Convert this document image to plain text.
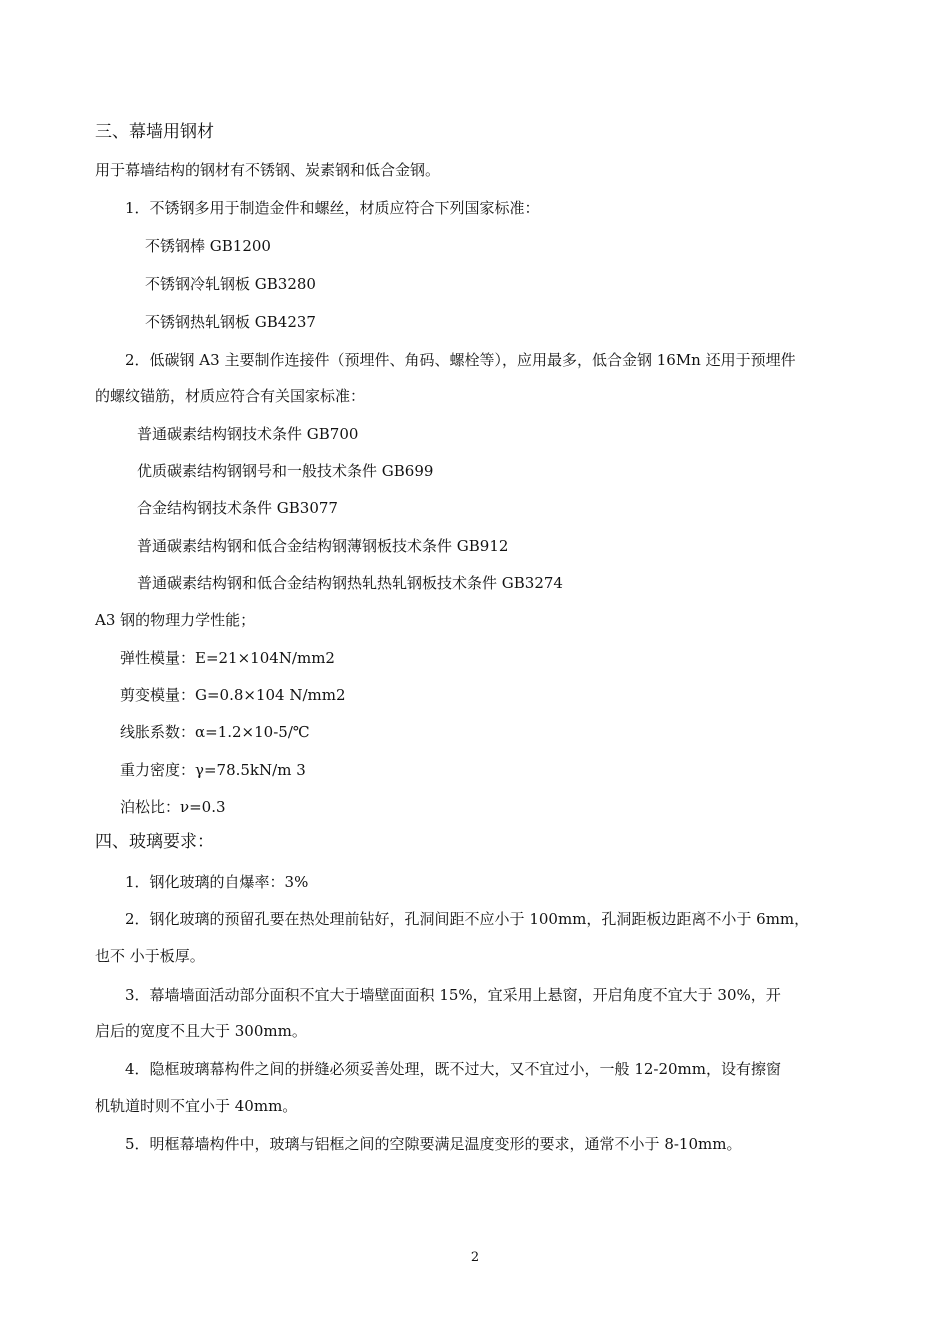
三、幕墙用钢材
用于幕墙结构的钢材有不锈钢、炭素钢和低合金钢。
1．不锈钢多用于制造金件和螺丝，材质应符合下列国家标准：
不锈钢棒 GB1200
不锈钢冷轧钢板 GB3280
不锈钢热轧钢板 GB4237
2．低碳钢 A3 主要制作连接件（预埋件、角码、螺栓等），应用最多，低合金钢 16Mn 还用于预埋件
的螺纹锚筋，材质应符合有关国家标准：
普通碳素结构钢技术条件 GB700
优质碳素结构钢钢号和一般技术条件 GB699
合金结构钢技术条件 GB3077
普通碳素结构钢和低合金结构钢薄钢板技术条件 GB912
普通碳素结构钢和低合金结构钢热轧热轧钢板技术条件 GB3274
A3 钢的物理力学性能；
弹性模量：E=21×104N/mm2
剪变模量：G=0.8×104 N/mm2
线胀系数：α=1.2×10-5/℃
重力密度：γ=78.5kN/m 3
泊松比：ν=0.3
四、玻璃要求：
1．钢化玻璃的自爆率：3%
2．钢化玻璃的预留孔要在热处理前钻好，孔洞间距不应小于 100mm，孔洞距板边距离不小于 6mm，
也不 小于板厚。
3．幕墙墙面活动部分面积不宜大于墙壁面面积 15%，宜采用上悬窗，开启角度不宜大于 30%，开
启后的宽度不且大于 300mm。
4．隐框玻璃幕构件之间的拼缝必须妥善处理，既不过大，又不宜过小，一般 12-20mm，设有擦窗
机轨道时则不宜小于 40mm。
5．明框幕墙构件中，玻璃与铝框之间的空隙要满足温度变形的要求，通常不小于 8-10mm。
2
